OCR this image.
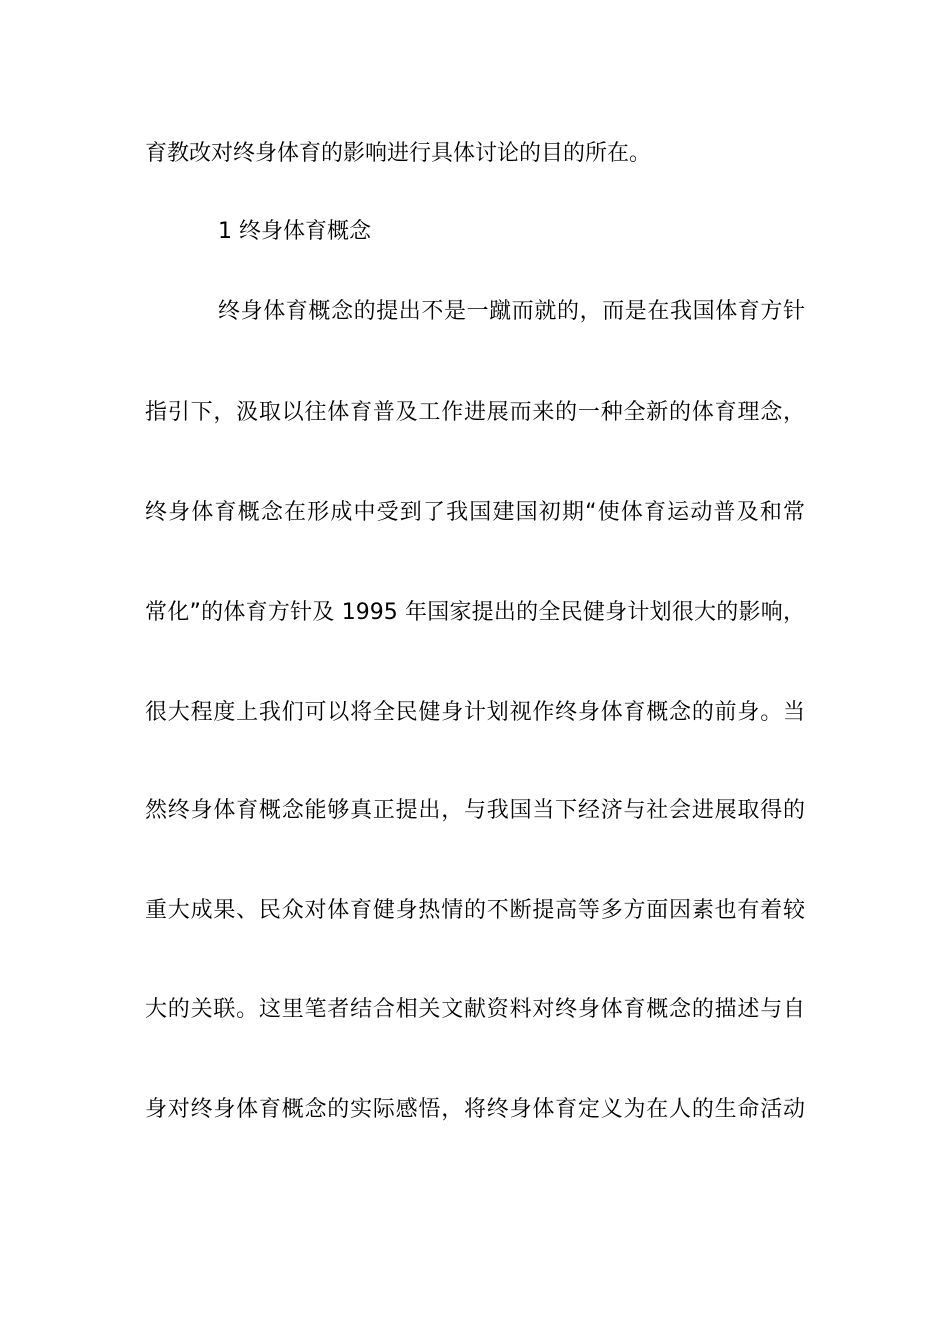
育教改对终身体育的影响进行具体讨论的目的所在。
1 终身体育概念
终身体育概念的提出不是一蹴而就的，而是在我国体育方针
指引下，汲取以往体育普及工作进展而来的一种全新的体育理念，
终身体育概念在形成中受到了我国建国初期“使体育运动普及和常
常化”的体育方针及 1995 年国家提出的全民健身计划很大的影响，
很大程度上我们可以将全民健身计划视作终身体育概念的前身。当
然终身体育概念能够真正提出，与我国当下经济与社会进展取得的
重大成果、民众对体育健身热情的不断提高等多方面因素也有着较
大的关联。这里笔者结合相关文献资料对终身体育概念的描述与自
身对终身体育概念的实际感悟，将终身体育定义为在人的生命活动
